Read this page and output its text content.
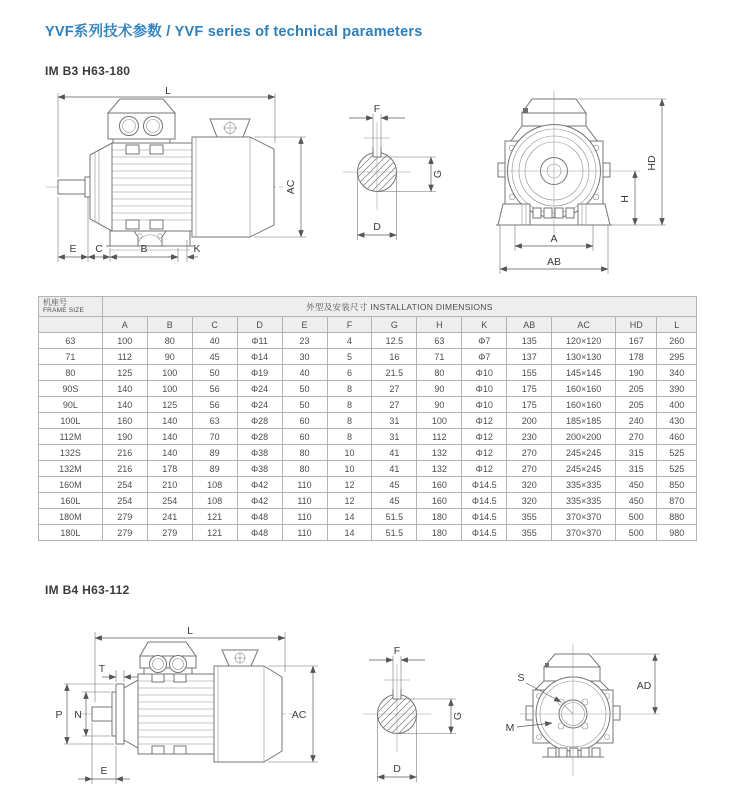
YVF系列技术参数 / YVF series of technical parameters
IM B3 H63-180
L
AC
E C	B	K
F
G
D
HD
H
A
AB
机座号
FRAME SIZE	外型及安装尺寸 INSTALLATION DIMENSIONS												
	A	B	C	D	E	F	G	H	K	AB	AC	HD	L
63	100	80	40	Φ11	23	4	12.5	63	Φ7	135	120×120	167	260
71	112	90	45	Φ14	30	5	16	71	Φ7	137	130×130	178	295
80	125	100	50	Φ19	40	6	21.5	80	Φ10	155	145×145	190	340
90S	140	100	56	Φ24	50	8	27	90	Φ10	175	160×160	205	390
90L	140	125	56	Φ24	50	8	27	90	Φ10	175	160×160	205	400
100L	160	140	63	Φ28	60	8	31	100	Φ12	200	185×185	240	430
112M	190	140	70	Φ28	60	8	31	112	Φ12	230	200×200	270	460
132S	216	140	89	Φ38	80	10	41	132	Φ12	270	245×245	315	525
132M	216	178	89	Φ38	80	10	41	132	Φ12	270	245×245	315	525
160M	254	210	108	Φ42	110	12	45	160	Φ14.5	320	335×335	450	850
160L	254	254	108	Φ42	110	12	45	160	Φ14.5	320	335×335	450	870
180M	279	241	121	Φ48	110	14	51.5	180	Φ14.5	355	370×370	500	880
180L	279	279	121	Φ48	110	14	51.5	180	Φ14.5	355	370×370	500	980
IM B4 H63-112
L
T
P N	AC
E
F
G
D
AD
S
M
